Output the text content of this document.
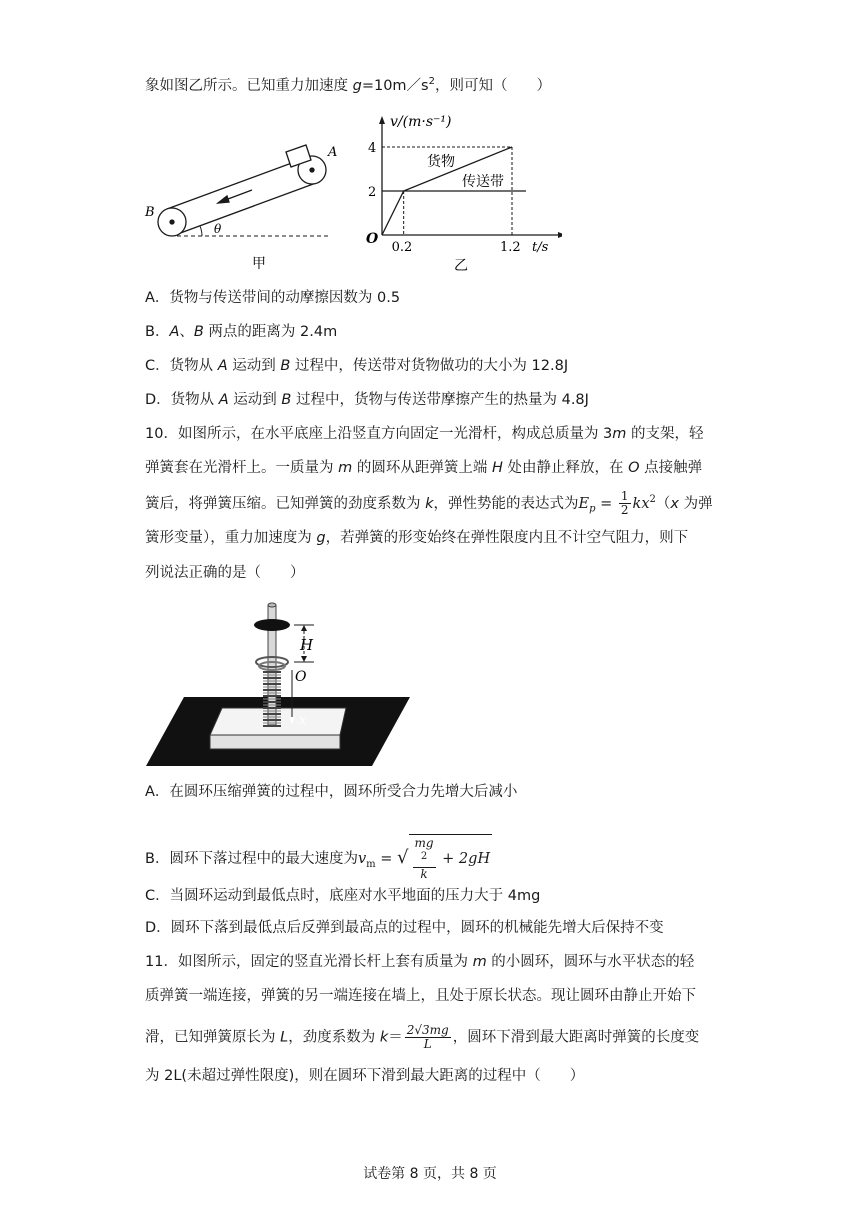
象如图乙所示。已知重力加速度 $g=10m/s^2$，则可知（　　）
A
B
θ
甲
0.2	1.2
2
4
O
t/s
v/(m·s⁻¹)
货物
传送带
乙
A．货物与传送带间的动摩擦因数为 0.5
B．A、B 两点的距离为 2.4m
C．货物从 A 运动到 B 过程中，传送带对货物做功的大小为 12.8J
D．货物从 A 运动到 B 过程中，货物与传送带摩擦产生的热量为 4.8J
10．如图所示，在水平底座上沿竖直方向固定一光滑杆，构成总质量为 3m 的支架，轻
弹簧套在光滑杆上。一质量为 m 的圆环从距弹簧上端 H 处由静止释放，在 O 点接触弹
簧后，将弹簧压缩。已知弹簧的劲度系数为 k，弹性势能的表达式为$E_p = \frac{1}{2} kx^2(x$ 为弹
簧形变量），重力加速度为 g，若弹簧的形变始终在弹性限度内且不计空气阻力，则下
列说法正确的是（　　）
H
O
x
A．在圆环压缩弹簧的过程中，圆环所受合力先增大后减小
B．圆环下落过程中的最大速度为$v_m$ = √ mg
$^2$
k + 2gH
C．当圆环运动到最低点时，底座对水平地面的压力大于 4mg
D．圆环下落到最低点后反弹到最高点的过程中，圆环的机械能先增大后保持不变
11．如图所示，固定的竖直光滑长杆上套有质量为 m 的小圆环，圆环与水平状态的轻
质弹簧一端连接，弹簧的另一端连接在墙上，且处于原长状态。现让圆环由静止开始下
滑，已知弹簧原长为 L，劲度系数为 $k= \frac{2√3mg}{L}$ ，圆环下滑到最大距离时弹簧的长度变
为 2L(未超过弹性限度)，则在圆环下滑到最大距离的过程中（　　）
试卷第 8 页，共 8 页
